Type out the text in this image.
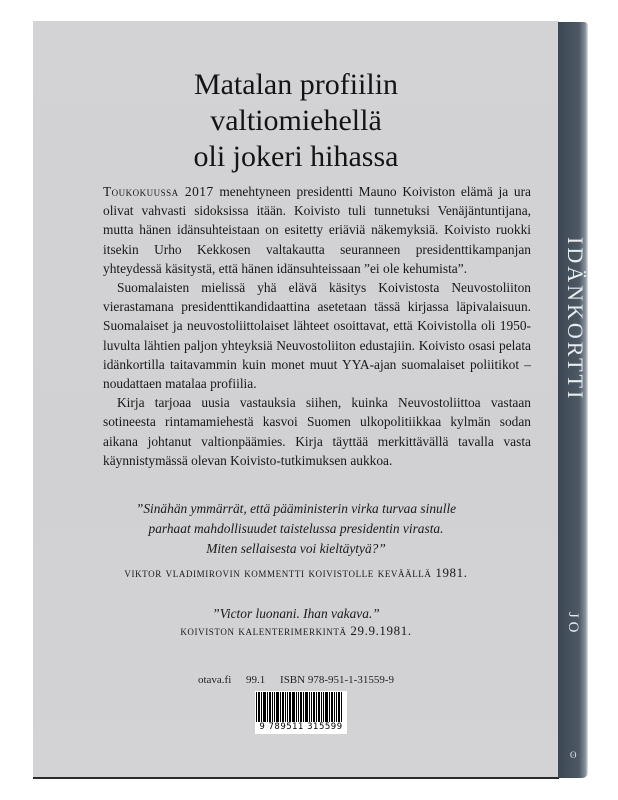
Matalan profiilin
valtiomiehellä
oli jokeri hihassa

Toukokuussa 2017 menehtyneen presidentti Mauno Koiviston elämä ja ura olivat vahvasti sidoksissa itään. Koivisto tuli tunnetuksi Venäjäntuntijana, mutta hänen idänsuhteistaan on esitetty eriäviä näkemyksiä. Koivisto ruokki itsekin Urho Kekkosen valtakautta seuranneen presidenttikampanjan yhteydessä käsitystä, että hänen idänsuhteissaan ”ei ole kehumista”.

Suomalaisten mielissä yhä elävä käsitys Koivistosta Neuvostoliiton vierastamana presidenttikandidaattina asetetaan tässä kirjassa läpivalaisuun. Suomalaiset ja neuvostoliittolaiset lähteet osoittavat, että Koivistolla oli 1950-luvulta lähtien paljon yhteyksiä Neuvostoliiton edustajiin. Koivisto osasi pelata idänkortilla taitavammin kuin monet muut YYA-ajan suomalaiset poliitikot – noudattaen matalaa profiilia.

Kirja tarjoaa uusia vastauksia siihen, kuinka Neuvostoliittoa vastaan sotineesta rintamamiehestä kasvoi Suomen ulkopolitiikkaa kylmän sodan aikana johtanut valtionpäämies. Kirja täyttää merkittävällä tavalla vasta käynnistymässä olevan Koivisto-tutkimuksen aukkoa.

”Sinähän ymmärrät, että pääministerin virka turvaa sinulle
parhaat mahdollisuudet taistelussa presidentin virasta.
Miten sellaisesta voi kieltäytyä?”
viktor vladimirovin kommentti koivistolle keväällä 1981.
”Victor luonani. Ihan vakava.”
koiviston kalenterimerkintä 29.9.1981.
otava.fi 99.1 ISBN 978-951-1-31559-9
9 789511 315599
IDÄNKORTTI
J O
ʘ
